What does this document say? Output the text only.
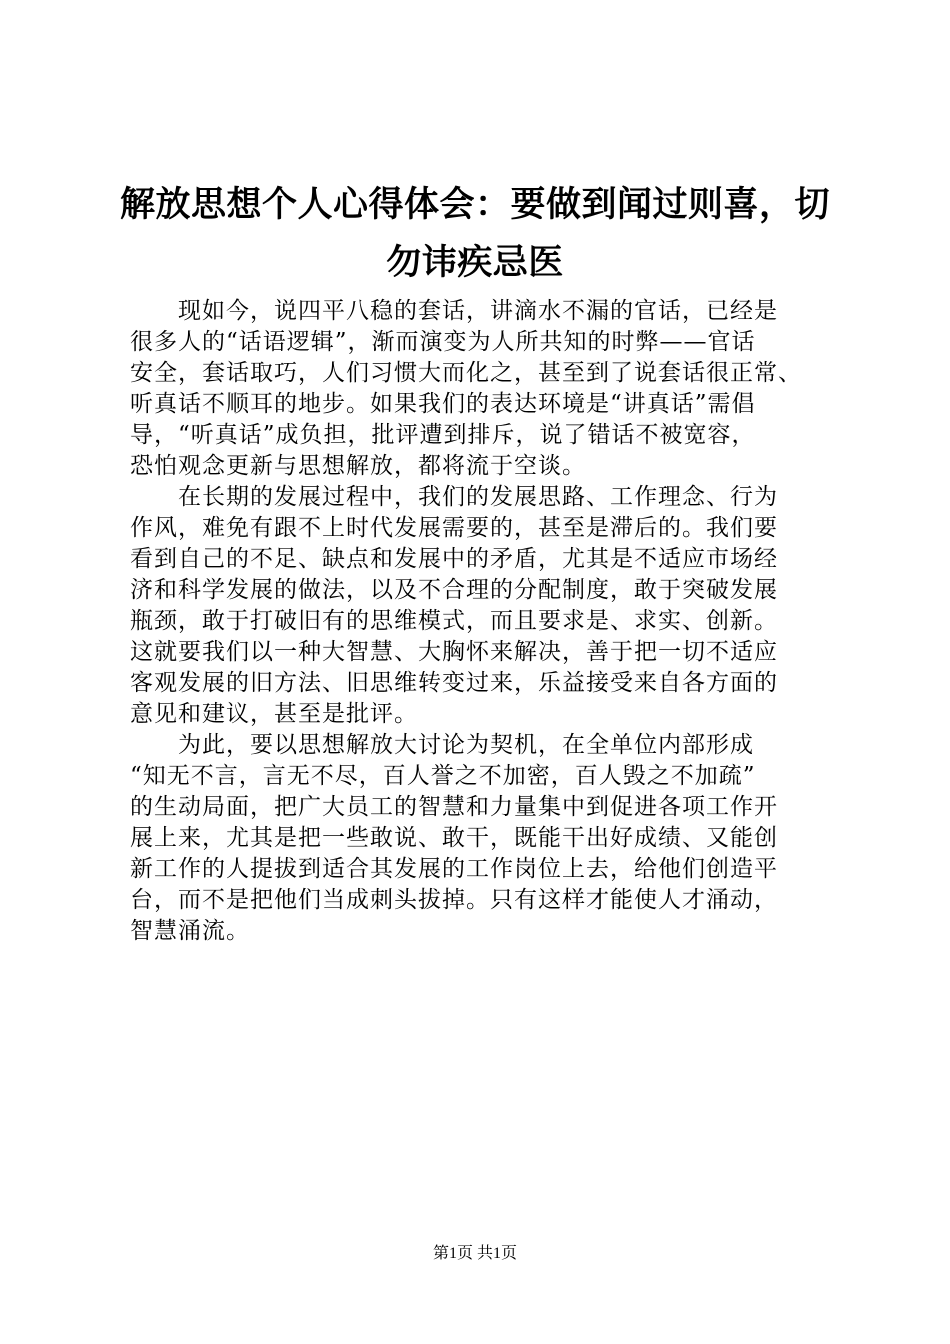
解放思想个人心得体会：要做到闻过则喜，切
勿讳疾忌医

　　现如今，说四平八稳的套话，讲滴水不漏的官话，已经是
很多人的“话语逻辑”，渐而演变为人所共知的时弊——官话
安全，套话取巧，人们习惯大而化之，甚至到了说套话很正常、
听真话不顺耳的地步。如果我们的表达环境是“讲真话”需倡
导，“听真话”成负担，批评遭到排斥，说了错话不被宽容，
恐怕观念更新与思想解放，都将流于空谈。

　　在长期的发展过程中，我们的发展思路、工作理念、行为
作风，难免有跟不上时代发展需要的，甚至是滞后的。我们要
看到自己的不足、缺点和发展中的矛盾，尤其是不适应市场经
济和科学发展的做法，以及不合理的分配制度，敢于突破发展
瓶颈，敢于打破旧有的思维模式，而且要求是、求实、创新。
这就要我们以一种大智慧、大胸怀来解决，善于把一切不适应
客观发展的旧方法、旧思维转变过来，乐益接受来自各方面的
意见和建议，甚至是批评。

　　为此，要以思想解放大讨论为契机，在全单位内部形成
“知无不言，言无不尽，百人誉之不加密，百人毁之不加疏”
的生动局面，把广大员工的智慧和力量集中到促进各项工作开
展上来，尤其是把一些敢说、敢干，既能干出好成绩、又能创
新工作的人提拔到适合其发展的工作岗位上去，给他们创造平
台，而不是把他们当成刺头拔掉。只有这样才能使人才涌动，
智慧涌流。

第1页 共1页
